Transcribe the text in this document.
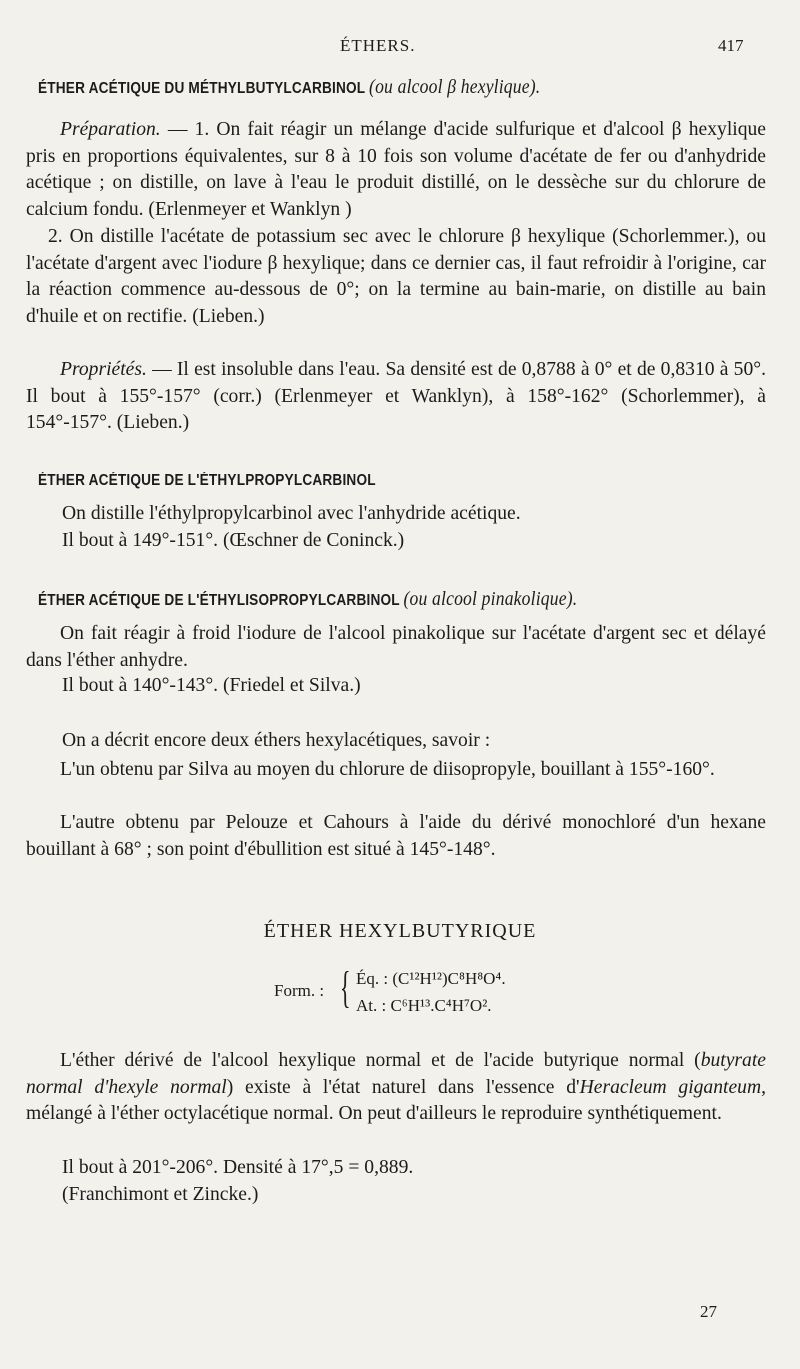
ÉTHERS.	417
ÉTHER ACÉTIQUE DU MÉTHYLBUTYLCARBINOL (ou alcool β hexylique).
Préparation. — 1. On fait réagir un mélange d'acide sulfurique et d'alcool β hexylique pris en proportions équivalentes, sur 8 à 10 fois son volume d'acétate de fer ou d'anhydride acétique ; on distille, on lave à l'eau le produit distillé, on le dessèche sur du chlorure de calcium fondu. (Erlenmeyer et Wanklyn )
2. On distille l'acétate de potassium sec avec le chlorure β hexylique (Schorlemmer.), ou l'acétate d'argent avec l'iodure β hexylique; dans ce dernier cas, il faut refroidir à l'origine, car la réaction commence au-dessous de 0°; on la termine au bain-marie, on distille au bain d'huile et on rectifie. (Lieben.)
Propriétés. — Il est insoluble dans l'eau. Sa densité est de 0,8788 à 0° et de 0,8310 à 50°. Il bout à 155°-157° (corr.) (Erlenmeyer et Wanklyn), à 158°-162° (Schorlemmer), à 154°-157°. (Lieben.)
ÉTHER ACÉTIQUE DE L'ÉTHYLPROPYLCARBINOL
On distille l'éthylpropylcarbinol avec l'anhydride acétique.
Il bout à 149°-151°. (Œschner de Coninck.)
ÉTHER ACÉTIQUE DE L'ÉTHYLISOPROPYLCARBINOL (ou alcool pinakolique).
On fait réagir à froid l'iodure de l'alcool pinakolique sur l'acétate d'argent sec et délayé dans l'éther anhydre.
Il bout à 140°-143°. (Friedel et Silva.)
On a décrit encore deux éthers hexylacétiques, savoir :
L'un obtenu par Silva au moyen du chlorure de diisopropyle, bouillant à 155°-160°.
L'autre obtenu par Pelouze et Cahours à l'aide du dérivé monochloré d'un hexane bouillant à 68° ; son point d'ébullition est situé à 145°-148°.
ÉTHER HEXYLBUTYRIQUE
Form. : { Éq. : (C¹²H¹²)C⁸H⁸O⁴.
At. : C⁶H¹³.C⁴H⁷O².
L'éther dérivé de l'alcool hexylique normal et de l'acide butyrique normal (butyrate normal d'hexyle normal) existe à l'état naturel dans l'essence d'Heracleum giganteum, mélangé à l'éther octylacétique normal. On peut d'ailleurs le reproduire synthétiquement.
Il bout à 201°-206°. Densité à 17°,5 = 0,889.
(Franchimont et Zincke.)
27
